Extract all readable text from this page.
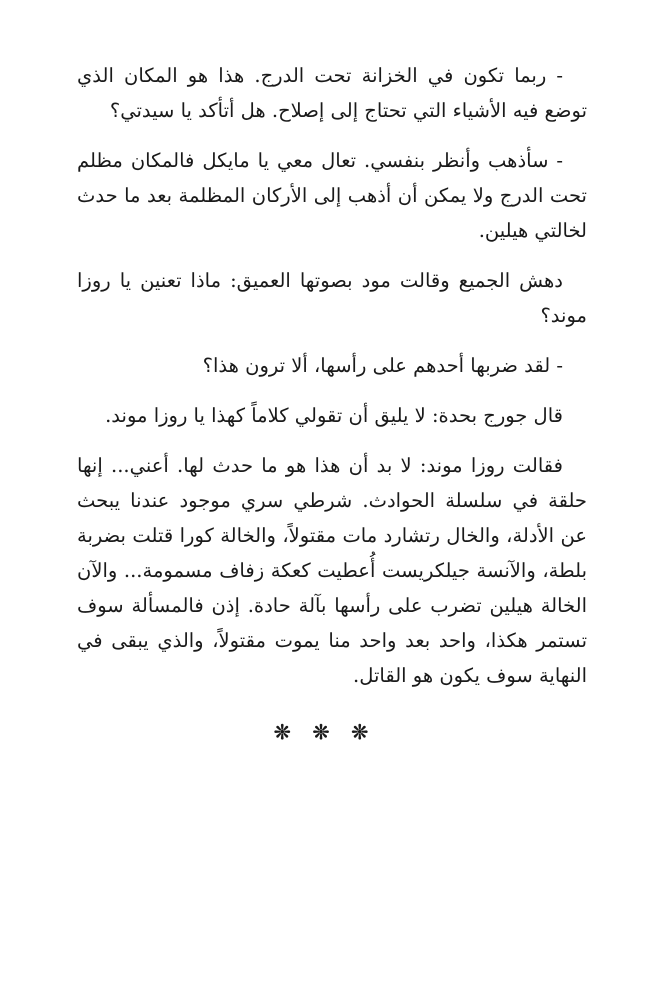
- ربما تكون في الخزانة تحت الدرج. هذا هو المكان الذي توضع فيه الأشياء التي تحتاج إلى إصلاح. هل أتأكد يا سيدتي؟

- سأذهب وأنظر بنفسي. تعال معي يا مايكل فالمكان مظلم تحت الدرج ولا يمكن أن أذهب إلى الأركان المظلمة بعد ما حدث لخالتي هيلين.

دهش الجميع وقالت مود بصوتها العميق: ماذا تعنين يا روزا موند؟

- لقد ضربها أحدهم على رأسها، ألا ترون هذا؟

قال جورج بحدة: لا يليق أن تقولي كلاماً كهذا يا روزا موند.

فقالت روزا موند: لا بد أن هذا هو ما حدث لها. أعني... إنها حلقة في سلسلة الحوادث. شرطي سري موجود عندنا يبحث عن الأدلة، والخال رتشارد مات مقتولاً، والخالة كورا قتلت بضربة بلطة، والآنسة جيلكريست أُعطيت كعكة زفاف مسمومة... والآن الخالة هيلين تضرب على رأسها بآلة حادة. إذن فالمسألة سوف تستمر هكذا، واحد بعد واحد منا يموت مقتولاً، والذي يبقى في النهاية سوف يكون هو القاتل.

❊❊❊
